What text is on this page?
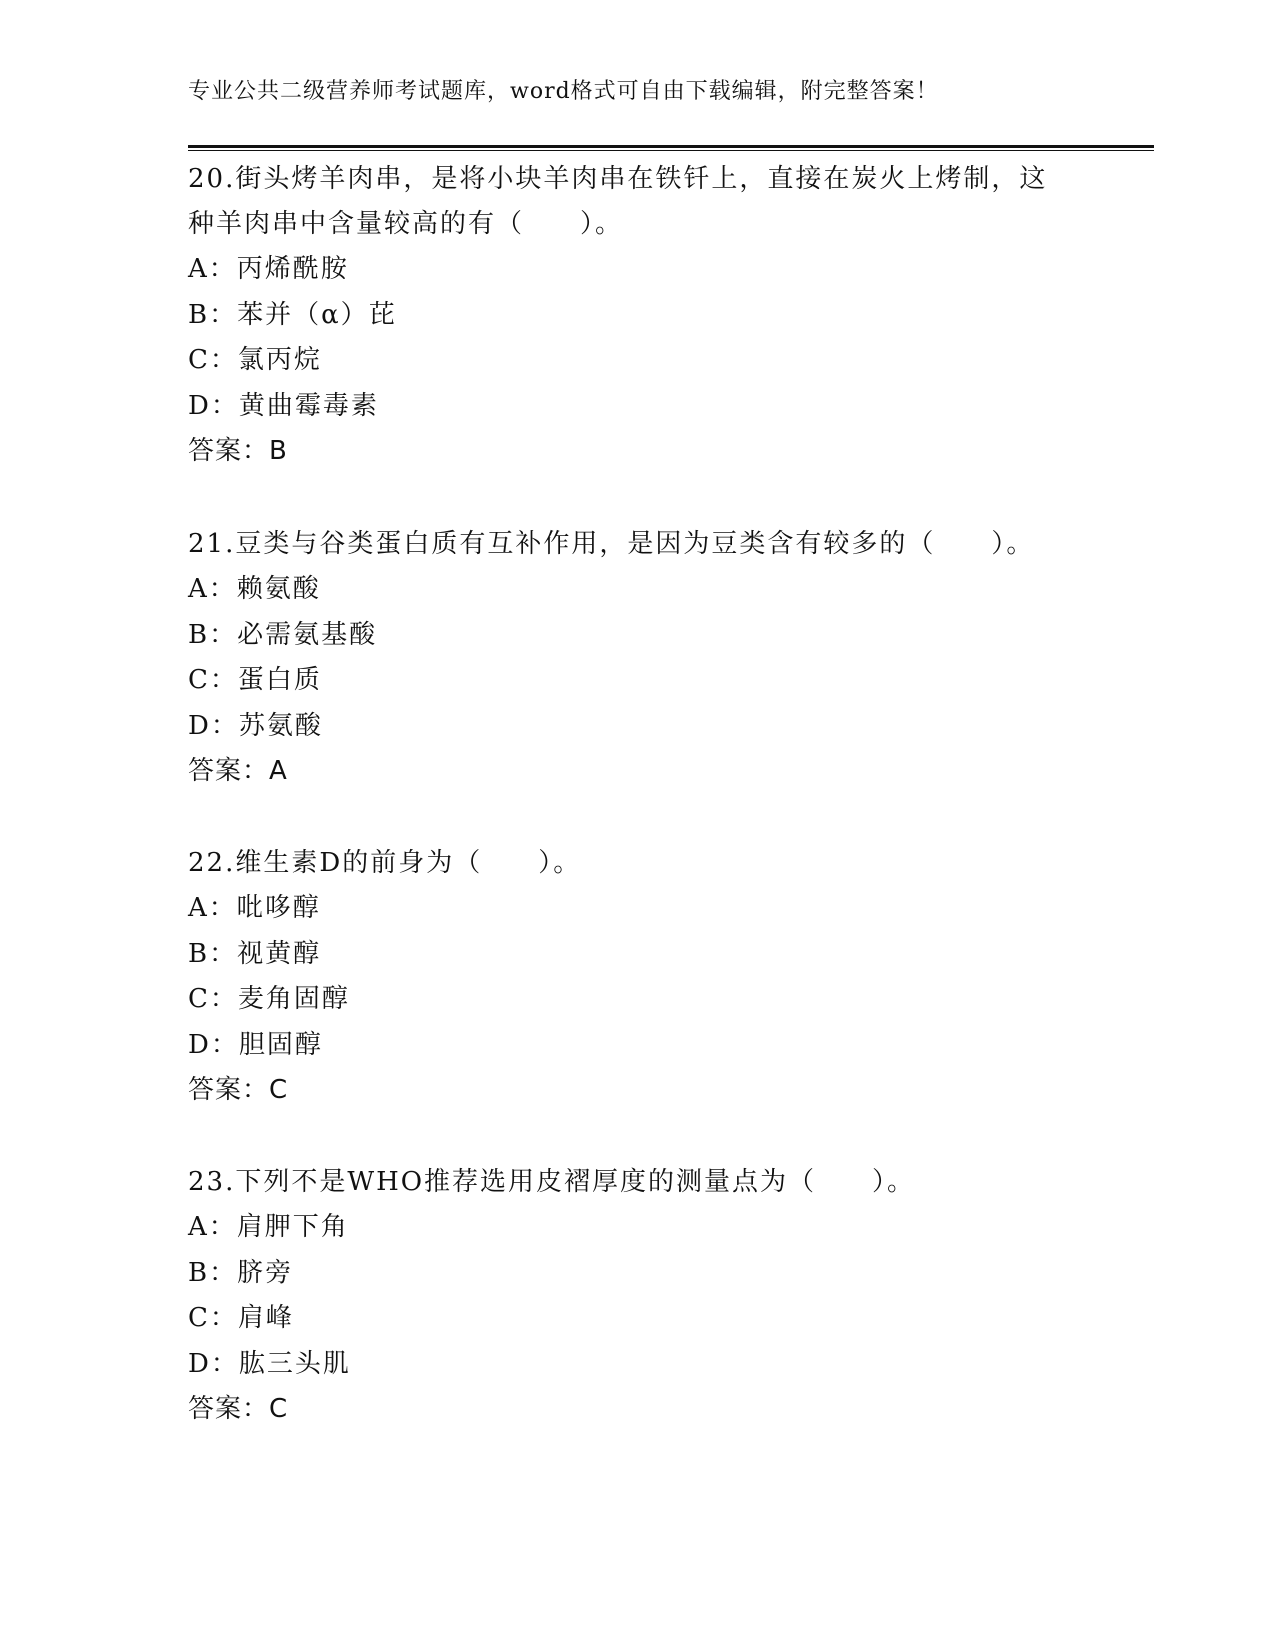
专业公共二级营养师考试题库，word格式可自由下载编辑，附完整答案！

20.街头烤羊肉串，是将小块羊肉串在铁钎上，直接在炭火上烤制，这
种羊肉串中含量较高的有（　　）。

A：丙烯酰胺
B：苯并（α）芘
C：氯丙烷
D：黄曲霉毒素
答案：B

21.豆类与谷类蛋白质有互补作用，是因为豆类含有较多的（　　）。

A：赖氨酸
B：必需氨基酸
C：蛋白质
D：苏氨酸
答案：A

22.维生素D的前身为（　　）。

A：吡哆醇
B：视黄醇
C：麦角固醇
D：胆固醇
答案：C

23.下列不是WHO推荐选用皮褶厚度的测量点为（　　）。

A：肩胛下角
B：脐旁
C：肩峰
D：肱三头肌
答案：C
